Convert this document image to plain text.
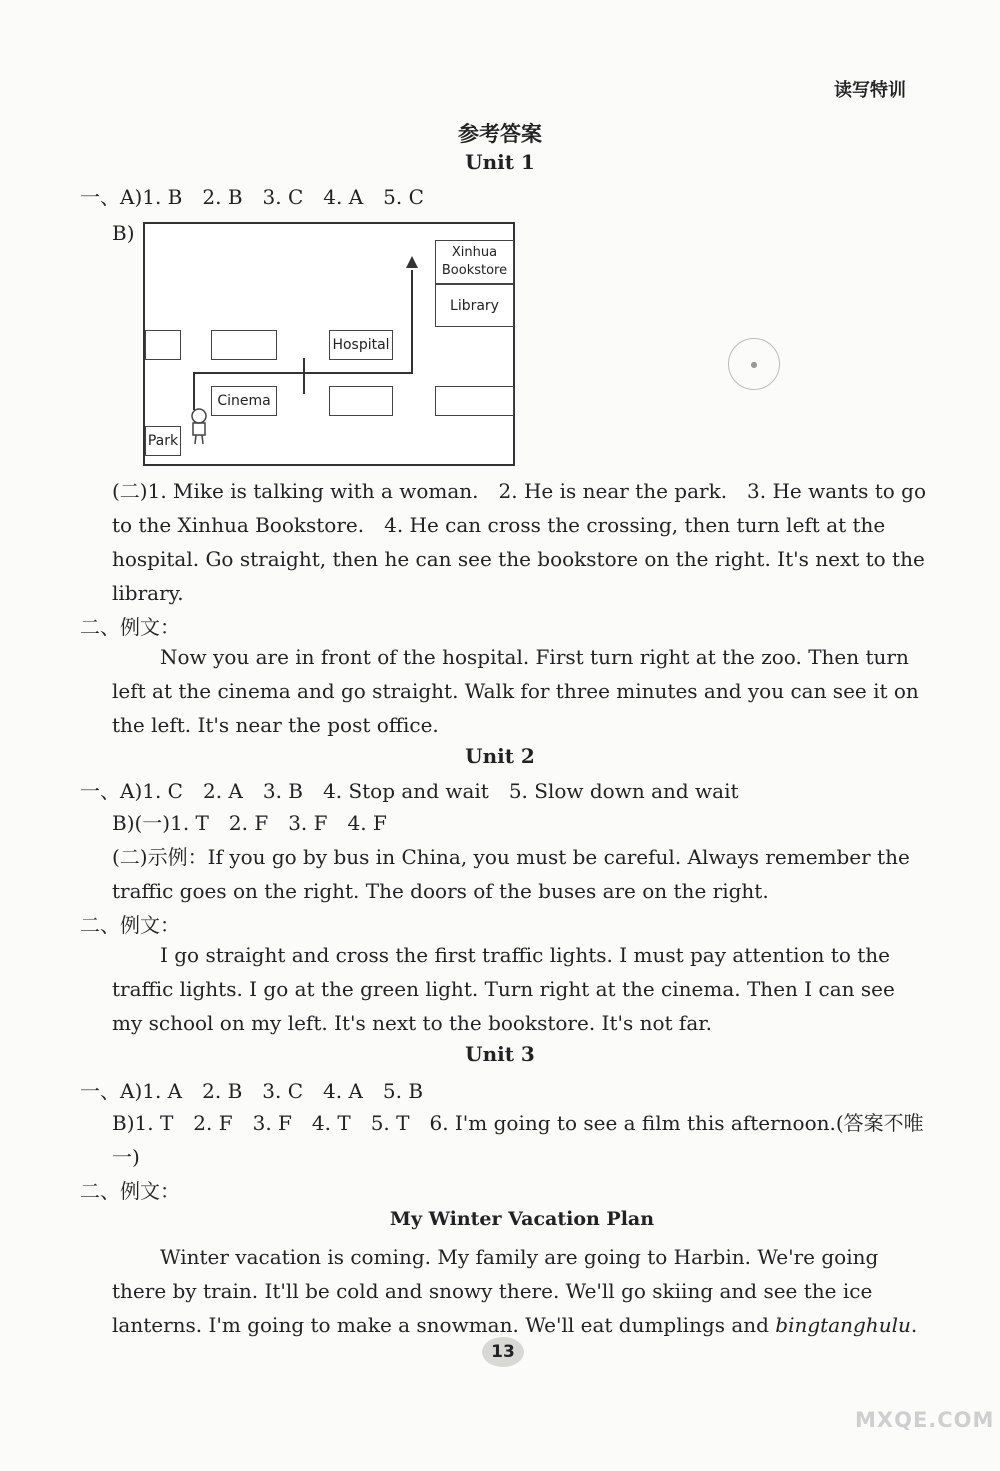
读写特训
参考答案
Unit 1
一、A)1. B　2. B　3. C　4. A　5. C
B)
Xinhua Bookstore
Library
Hospital
Cinema
Park
●
(二)1. Mike is talking with a woman.　2. He is near the park.　3. He wants to go to the Xinhua Bookstore.　4. He can cross the crossing, then turn left at the hospital. Go straight, then he can see the bookstore on the right. It's next to the library.
二、例文：
Now you are in front of the hospital. First turn right at the zoo. Then turn left at the cinema and go straight. Walk for three minutes and you can see it on the left. It's near the post office.
Unit 2
一、A)1. C　2. A　3. B　4. Stop and wait　5. Slow down and wait
B)(一)1. T　2. F　3. F　4. F
(二)示例：If you go by bus in China, you must be careful. Always remember the traffic goes on the right. The doors of the buses are on the right.
二、例文：
I go straight and cross the first traffic lights. I must pay attention to the traffic lights. I go at the green light. Turn right at the cinema. Then I can see my school on my left. It's next to the bookstore. It's not far.
Unit 3
一、A)1. A　2. B　3. C　4. A　5. B
B)1. T　2. F　3. F　4. T　5. T　6. I'm going to see a film this afternoon.(答案不唯一)
二、例文：
My Winter Vacation Plan
Winter vacation is coming. My family are going to Harbin. We're going there by train. It'll be cold and snowy there. We'll go skiing and see the ice lanterns. I'm going to make a snowman. We'll eat dumplings and bingtanghulu.
13
MXQE.COM
